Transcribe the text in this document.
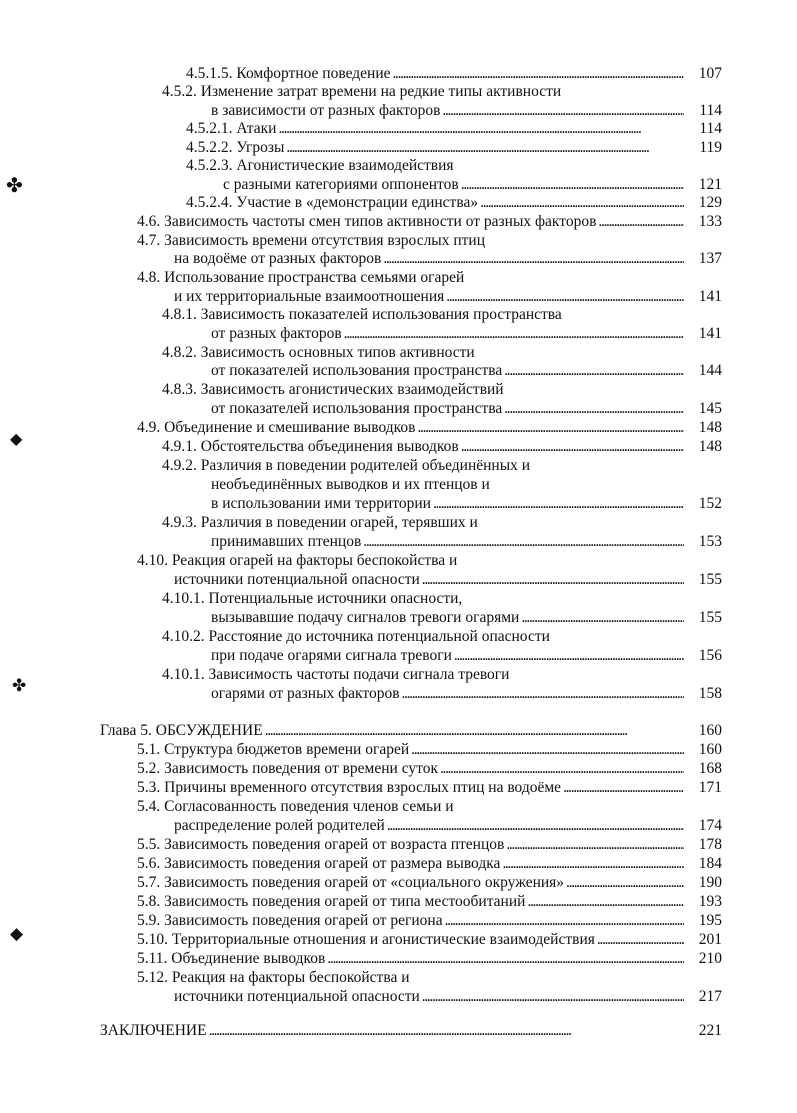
✤
◆
✤
◆
4.5.1.5. Комфортное поведение . . .	107
4.5.2. Изменение затрат времени на редкие типы активности
в зависимости от разных факторов . . .	114
4.5.2.1. Атаки . . .	114
4.5.2.2. Угрозы . . .	119
4.5.2.3. Агонистические взаимодействия
с разными категориями оппонентов . . .	121
4.5.2.4. Участие в «демонстрации единства» . . .	129
4.6. Зависимость частоты смен типов активности от разных факторов . . .	133
4.7. Зависимость времени отсутствия взрослых птиц
на водоёме от разных факторов . . .	137
4.8. Использование пространства семьями огарей
и их территориальные взаимоотношения . . .	141
4.8.1. Зависимость показателей использования пространства
от разных факторов . . .	141
4.8.2. Зависимость основных типов активности
от показателей использования пространства . . .	144
4.8.3. Зависимость агонистических взаимодействий
от показателей использования пространства . . .	145
4.9. Объединение и смешивание выводков . . .	148
4.9.1. Обстоятельства объединения выводков . . .	148
4.9.2. Различия в поведении родителей объединённых и
необъединённых выводков и их птенцов и
в использовании ими территории . . .	152
4.9.3. Различия в поведении огарей, терявших и
принимавших птенцов . . .	153
4.10. Реакция огарей на факторы беспокойства и
источники потенциальной опасности . . .	155
4.10.1. Потенциальные источники опасности,
вызывавшие подачу сигналов тревоги огарями . . .	155
4.10.2. Расстояние до источника потенциальной опасности
при подаче огарями сигнала тревоги . . .	156
4.10.1. Зависимость частоты подачи сигнала тревоги
огарями от разных факторов . . .	158
Глава 5. ОБСУЖДЕНИЕ . . .	160
5.1. Структура бюджетов времени огарей . . .	160
5.2. Зависимость поведения от времени суток . . .	168
5.3. Причины временного отсутствия взрослых птиц на водоёме . . .	171
5.4. Согласованность поведения членов семьи и
распределение ролей родителей . . .	174
5.5. Зависимость поведения огарей от возраста птенцов . . .	178
5.6. Зависимость поведения огарей от размера выводка . . .	184
5.7. Зависимость поведения огарей от «социального окружения» . . .	190
5.8. Зависимость поведения огарей от типа местообитаний . . .	193
5.9. Зависимость поведения огарей от региона . . .	195
5.10. Территориальные отношения и агонистические взаимодействия . . .	201
5.11. Объединение выводков . . .	210
5.12. Реакция на факторы беспокойства и
источники потенциальной опасности . . .	217
ЗАКЛЮЧЕНИЕ . . .	221
